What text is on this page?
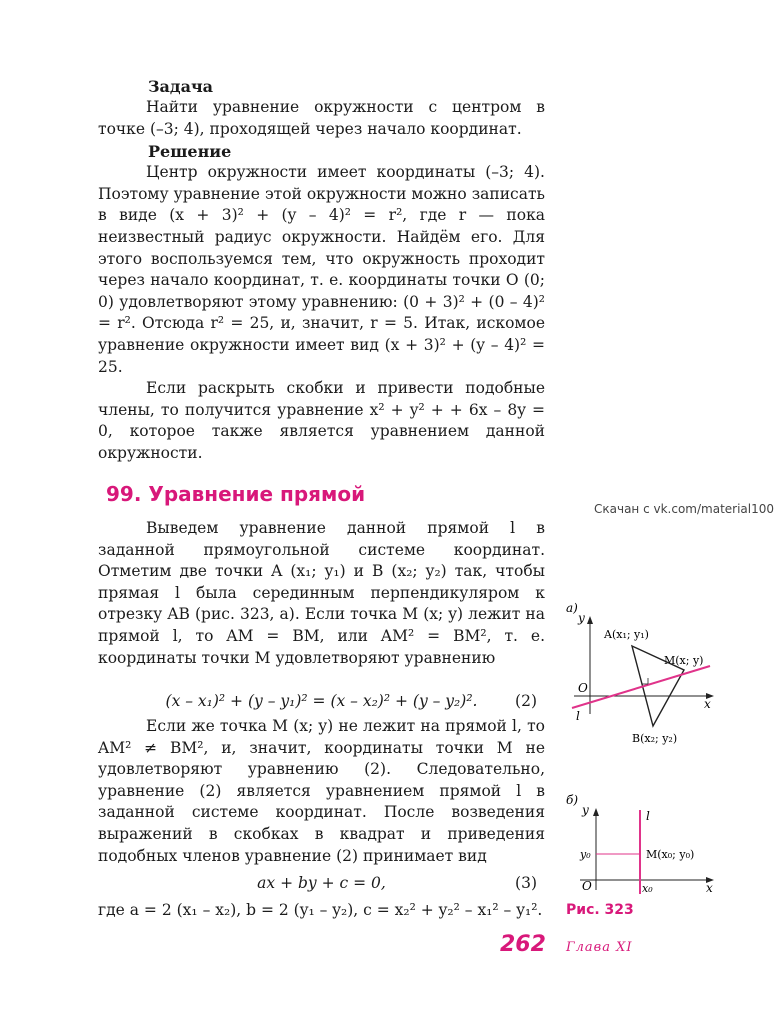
Задача
Найти уравнение окружности с центром в точке (–3; 4), проходящей через начало координат.
Решение
Центр окружности имеет координаты (–3; 4). Поэтому уравнение этой окружности можно записать в виде (x + 3)² + (y – 4)² = r², где r — пока неизвестный радиус окружности. Найдём его. Для этого воспользуемся тем, что окружность проходит через начало координат, т. е. координаты точки O (0; 0) удовлетворяют этому уравнению: (0 + 3)² + (0 – 4)² = r². Отсюда r² = 25, и, значит, r = 5. Итак, искомое уравнение окружности имеет вид (x + 3)² + (y – 4)² = 25.
Если раскрыть скобки и привести подобные члены, то получится уравнение x² + y² + + 6x – 8y = 0, которое также является уравнением данной окружности.
99. Уравнение прямой
Скачан с vk.com/material100
Выведем уравнение данной прямой l в заданной прямоугольной системе координат. Отметим две точки A (x₁; y₁) и B (x₂; y₂) так, чтобы прямая l была серединным перпендикуляром к отрезку AB (рис. 323, а). Если точка M (x; y) лежит на прямой l, то AM = BM, или AM² = BM², т. е. координаты точки M удовлетворяют уравнению
(x – x₁)² + (y – y₁)² = (x – x₂)² + (y – y₂)².	(2)
Если же точка M (x; y) не лежит на прямой l, то AM² ≠ BM², и, значит, координаты точки M не удовлетворяют уравнению (2). Следовательно, уравнение (2) является уравнением прямой l в заданной системе координат. После возведения выражений в скобках в квадрат и приведения подобных членов уравнение (2) принимает вид
ax + by + c = 0,	(3)
где a = 2 (x₁ – x₂), b = 2 (y₁ – y₂), c = x₂² + y₂² – x₁² – y₁².
а)
y
x
O
l
A(x₁; y₁)
M(x; y)
B(x₂; y₂)
б)
y
x
O
l
y₀
x₀
M(x₀; y₀)
Рис. 323
262 Глава XI
